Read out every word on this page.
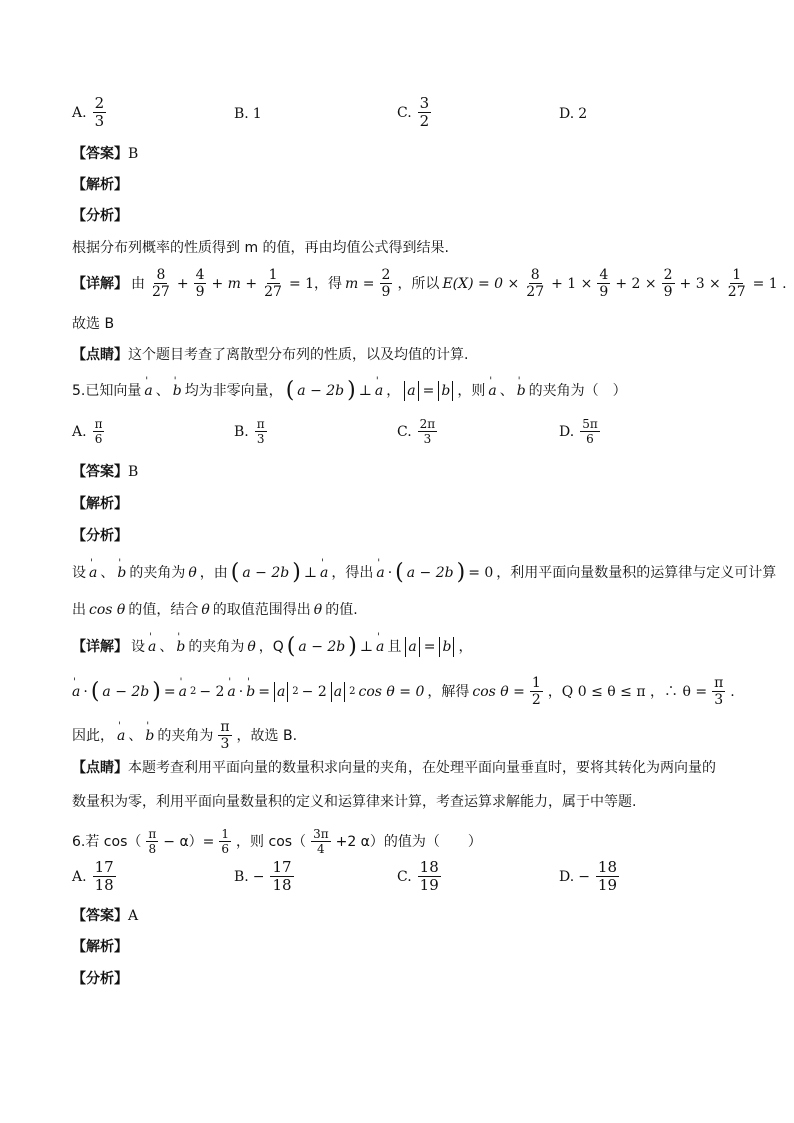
A. $\frac{2}{3}$	B. 1	C. $\frac{3}{2}$	D. 2
【答案】B
【解析】
【分析】
根据分布列概率的性质得到 m 的值，再由均值公式得到结果.
【详解】 由 $\frac{8}{27} + \frac{4}{9} + m + \frac{1}{27} = 1$，得 $m = \frac{2}{9}$ ，所以 $E(X) = 0 \times \frac{8}{27} + 1 \times \frac{4}{9} + 2 \times \frac{2}{9} + 3 \times \frac{1}{27} = 1$ .
故选 B
【点睛】这个题目考查了离散型分布列的性质，以及均值的计算.
5.已知向量 ' a 、 ' b 均为非零向量， ( a − 2b ) ⊥ ' a ， a = b ，则 ' a 、 ' b 的夹角为（　）
A. $\frac{\pi}{6}$	B. $\frac{\pi}{3}$	C. $\frac{2\pi}{3}$	D. $\frac{5\pi}{6}$
【答案】B
【解析】
【分析】
设 ' a 、 ' b 的夹角为 θ ，由 ( a − 2b ) ⊥ ' a ，得出 ' a · ( a − 2b ) = 0 ，利用平面向量数量积的运算律与定义可计算
出 cos θ 的值，结合 θ 的取值范围得出 θ 的值.
【详解】 设 ' a 、 ' b 的夹角为 θ ，Q ( a − 2b ) ⊥ ' a 且 a = b ，
' a · ( a − 2b ) = ' a 2 − 2 ' a · ' b = a 2 − 2 a 2 cos θ = 0 ，解得 $\cos \theta = \frac{1}{2}$ ，Q 0 ≤ θ ≤ π ，∴ $\theta = \frac{\pi}{3}$ .
因此， ' a 、 ' b 的夹角为 $\frac{\pi}{3}$ ，故选 B.
【点睛】本题考查利用平面向量的数量积求向量的夹角，在处理平面向量垂直时，要将其转化为两向量的
数量积为零，利用平面向量数量积的定义和运算律来计算，考查运算求解能力，属于中等题.
6.若 $\cos( \frac{\pi}{8} - \alpha)= \frac{1}{6}$ ，则 $\cos( \frac{3\pi}{4} +2$ α）的值为（　　）
A. $\frac{17}{18}$	B. − $\frac{17}{18}$	C. $\frac{18}{19}$	D. − $\frac{18}{19}$
【答案】A
【解析】
【分析】
